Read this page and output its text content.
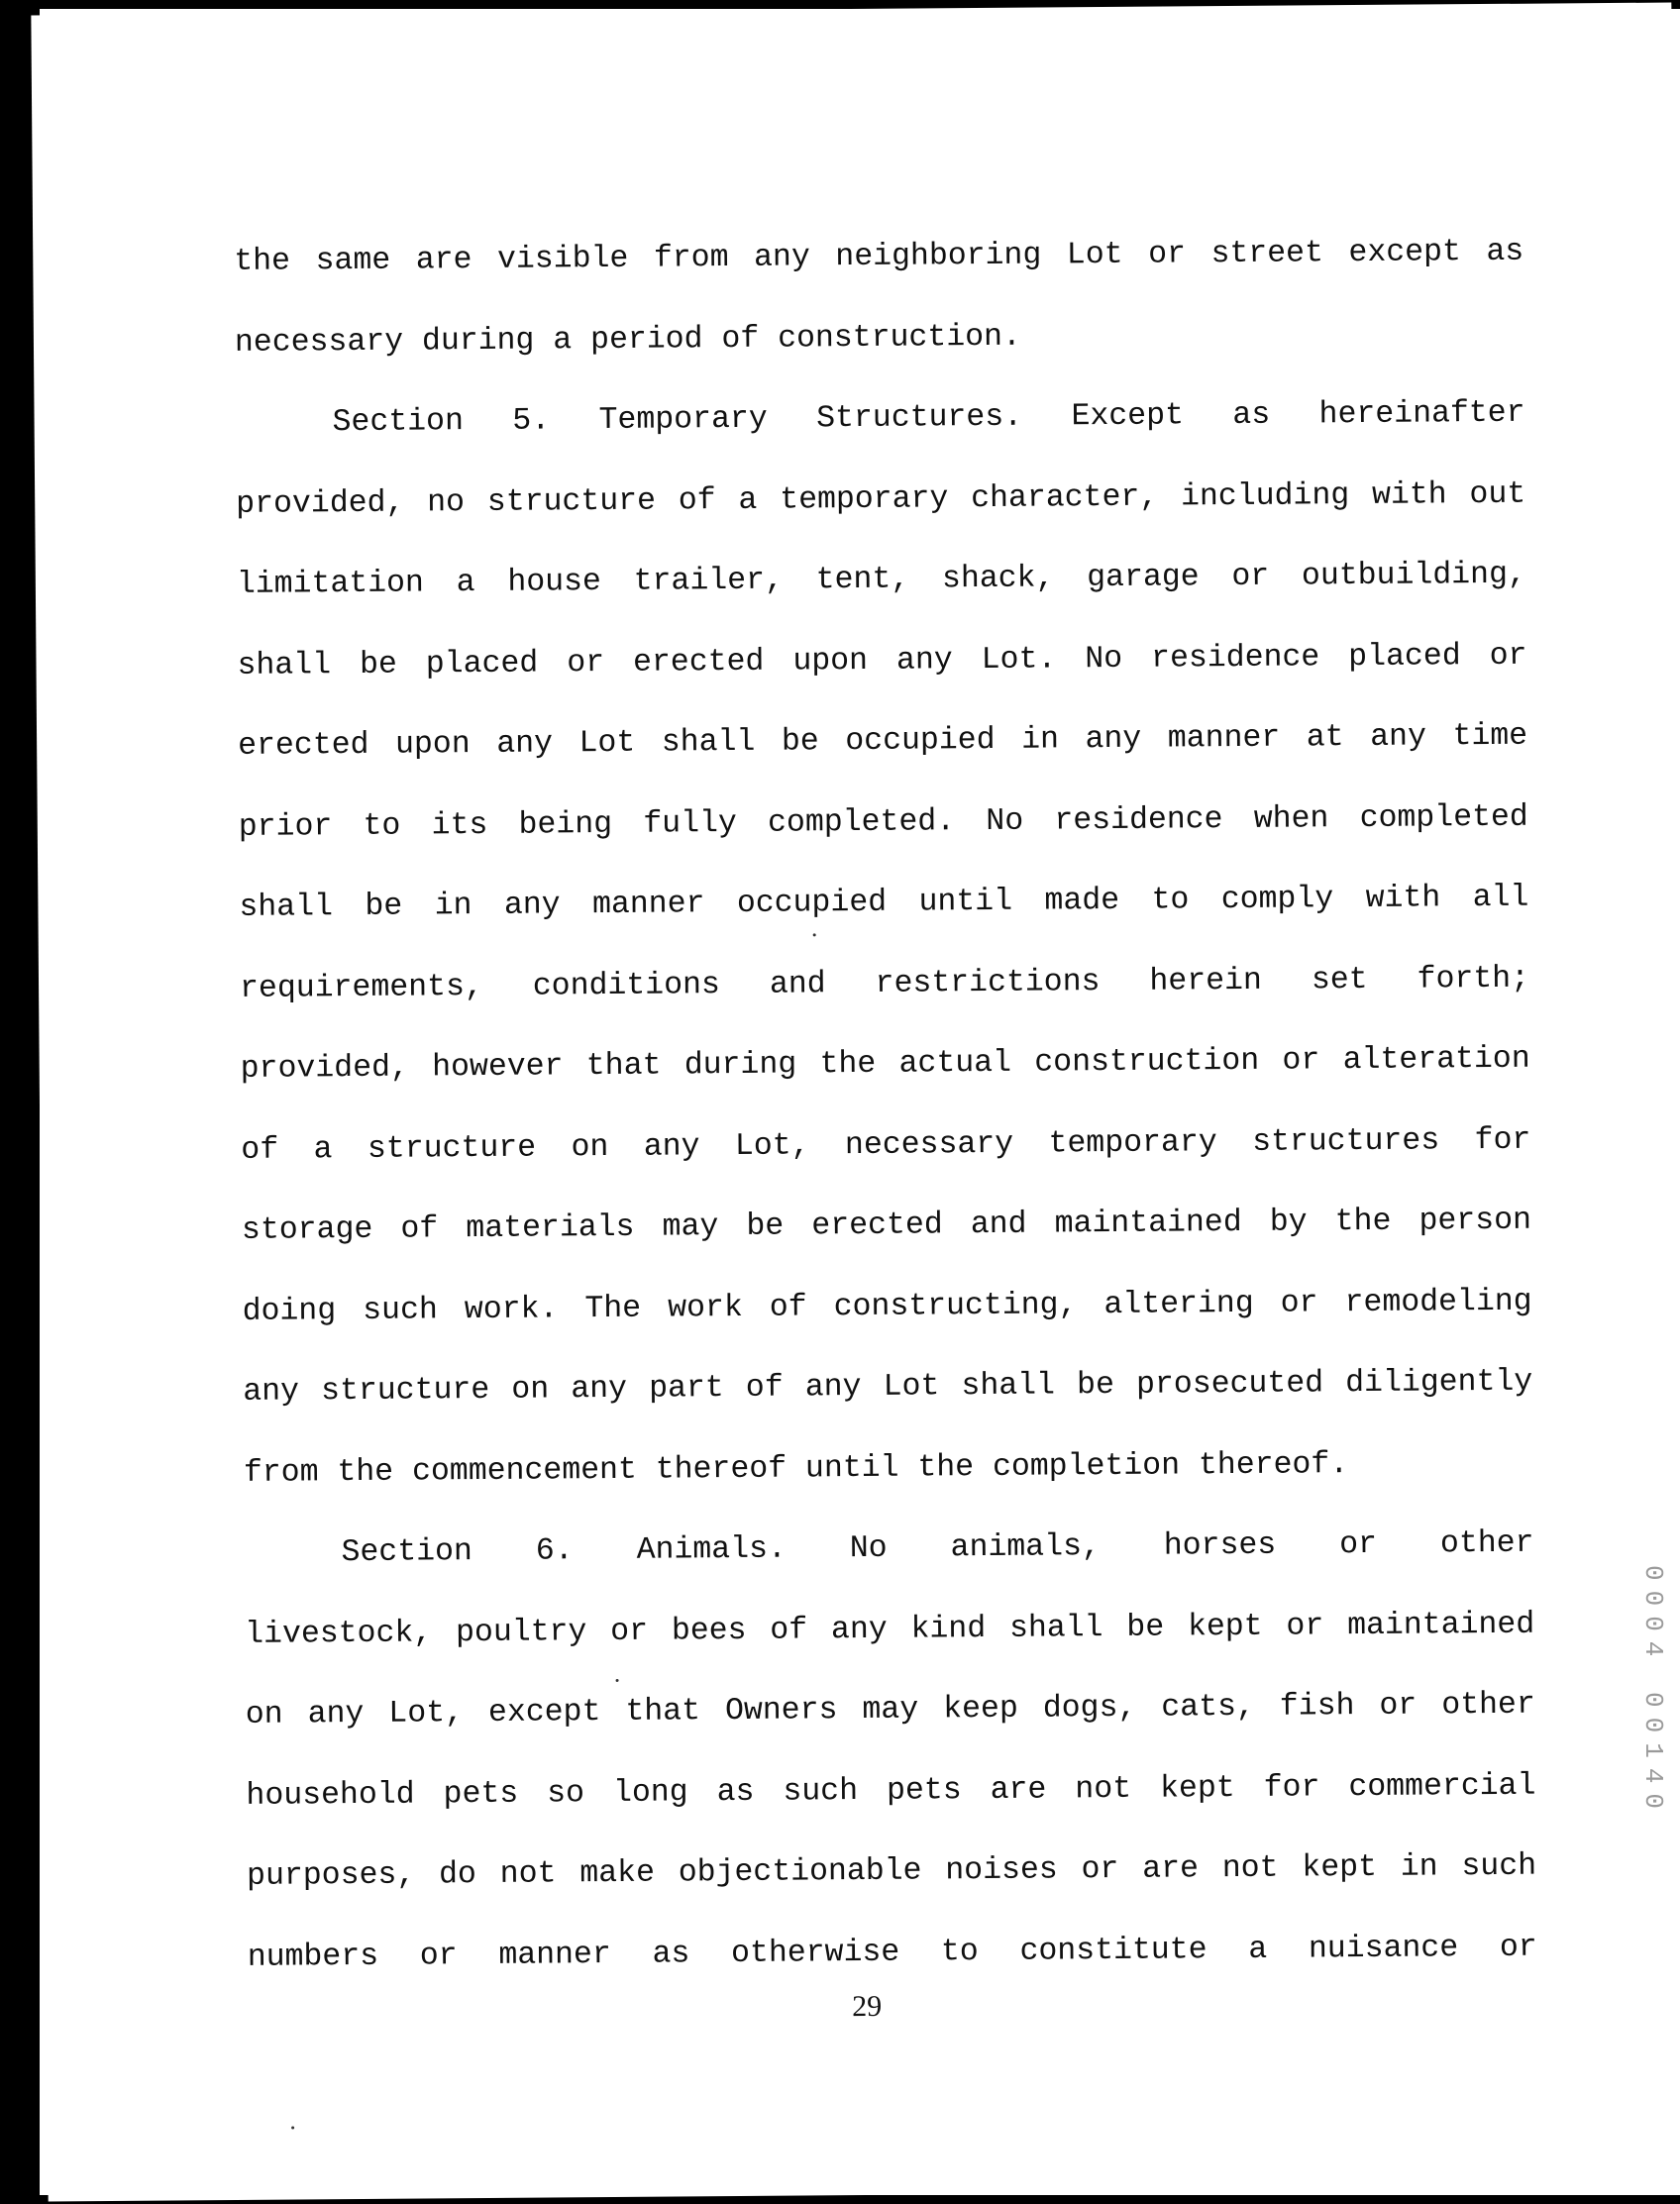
the same are visible from any neighboring Lot or street except as
necessary during a period of construction.
Section 5. Temporary Structures. Except as hereinafter
provided, no structure of a temporary character, including with out
limitation a house trailer, tent, shack, garage or outbuilding,
shall be placed or erected upon any Lot. No residence placed or
erected upon any Lot shall be occupied in any manner at any time
prior to its being fully completed. No residence when completed
shall be in any manner occupied until made to comply with all
requirements, conditions and restrictions herein set forth;
provided, however that during the actual construction or alteration
of a structure on any Lot, necessary temporary structures for
storage of materials may be erected and maintained by the person
doing such work. The work of constructing, altering or remodeling
any structure on any part of any Lot shall be prosecuted diligently
from the commencement thereof until the completion thereof.
Section 6. Animals. No animals, horses or other
livestock, poultry or bees of any kind shall be kept or maintained
on any Lot, except that Owners may keep dogs, cats, fish or other
household pets so long as such pets are not kept for commercial
purposes, do not make objectionable noises or are not kept in such
numbers or manner as otherwise to constitute a nuisance or
29
0004 00140
